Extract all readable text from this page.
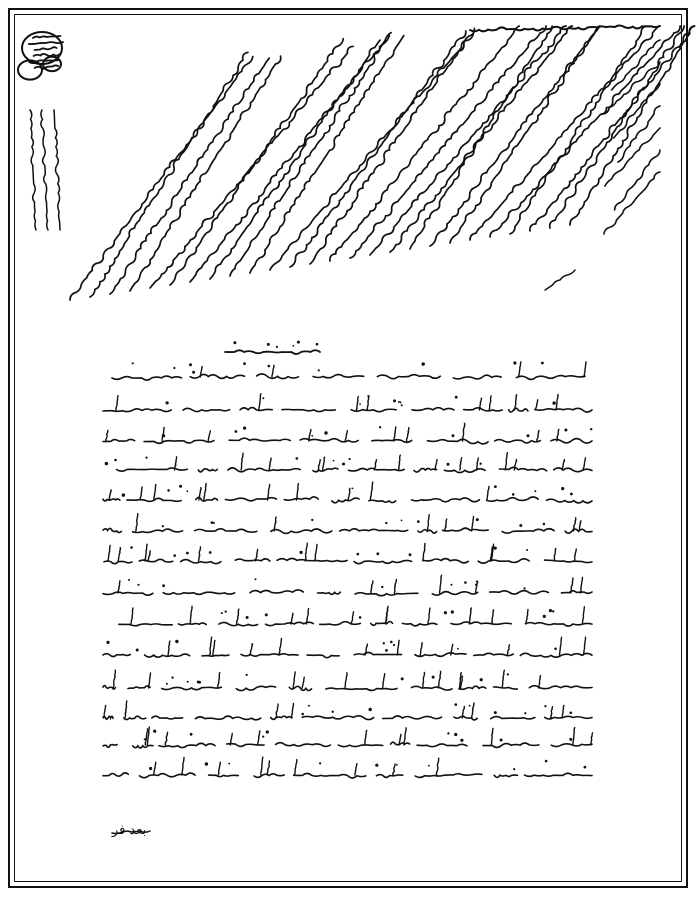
بعد فر
